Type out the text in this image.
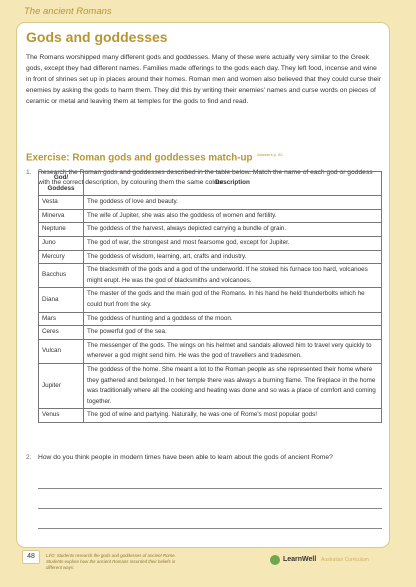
The ancient Romans
Gods and goddesses
The Romans worshipped many different gods and goddesses. Many of these were actually very similar to the Greek gods, except they had different names. Families made offerings to the gods each day. They left food, incense and wine in front of shrines set up in places around their homes. Roman men and women also believed that they could curse their enemies by asking the gods to harm them. They did this by writing their enemies' names and curse words on pieces of ceramic or metal and leaving them at temples for the gods to find and read.
Exercise: Roman gods and goddesses match-up $^{Answers p. 92}$
1. Research the Roman gods and goddesses described in the table below. Match the name of each god or goddess with the correct description, by colouring them the same colour.
God/ Goddess	Description
Vesta	The goddess of love and beauty.
Minerva	The wife of Jupiter, she was also the goddess of women and fertility.
Neptune	The goddess of the harvest, always depicted carrying a bundle of grain.
Juno	The god of war, the strongest and most fearsome god, except for Jupiter.
Mercury	The goddess of wisdom, learning, art, crafts and industry.
Bacchus	The blacksmith of the gods and a god of the underworld. If he stoked his furnace too hard, volcanoes might erupt. He was the god of blacksmiths and volcanoes.
Diana	The master of the gods and the main god of the Romans. In his hand he held thunderbolts which he could hurl from the sky.
Mars	The goddess of hunting and a goddess of the moon.
Ceres	The powerful god of the sea.
Vulcan	The messenger of the gods. The wings on his helmet and sandals allowed him to travel very quickly to wherever a god might send him. He was the god of travellers and tradesmen.
Jupiter	The goddess of the home. She meant a lot to the Roman people as she represented their home where they gathered and belonged. In her temple there was always a burning flame. The fireplace in the home was traditionally where all the cooking and heating was done and so was a place of comfort and coming together.
Venus	The god of wine and partying. Naturally, he was one of Rome's most popular gods!
2. How do you think people in modern times have been able to learn about the gods of ancient Rome?
48	LI/O: Students research the gods and goddesses of ancient Rome. Students explore how the ancient Romans recorded their beliefs in different ways.
LearnWell Australian Curriculum
